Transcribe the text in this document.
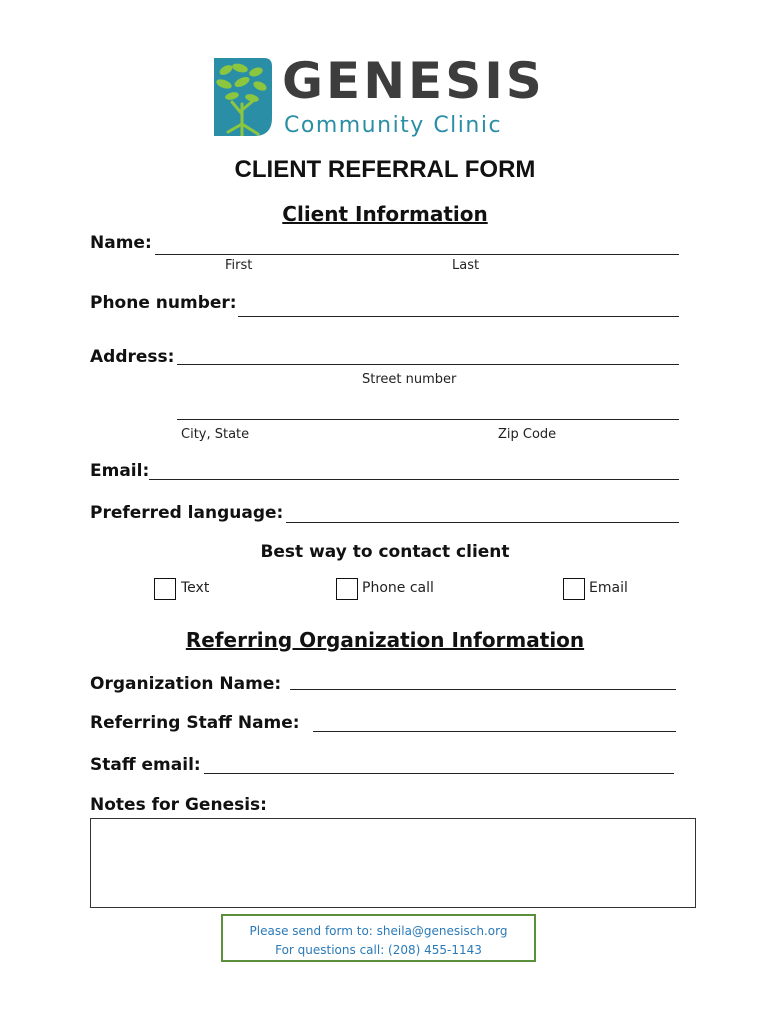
GENESIS
Community Clinic
CLIENT REFERRAL FORM
Client Information
Name:
First	Last
Phone number:
Address:
Street number
City, State	Zip Code
Email:
Preferred language:
Best way to contact client
Text	Phone call	Email
Referring Organization Information
Organization Name:
Referring Staff Name:
Staff email:
Notes for Genesis:
Please send form to: sheila@genesisch.org
For questions call: (208) 455-1143
